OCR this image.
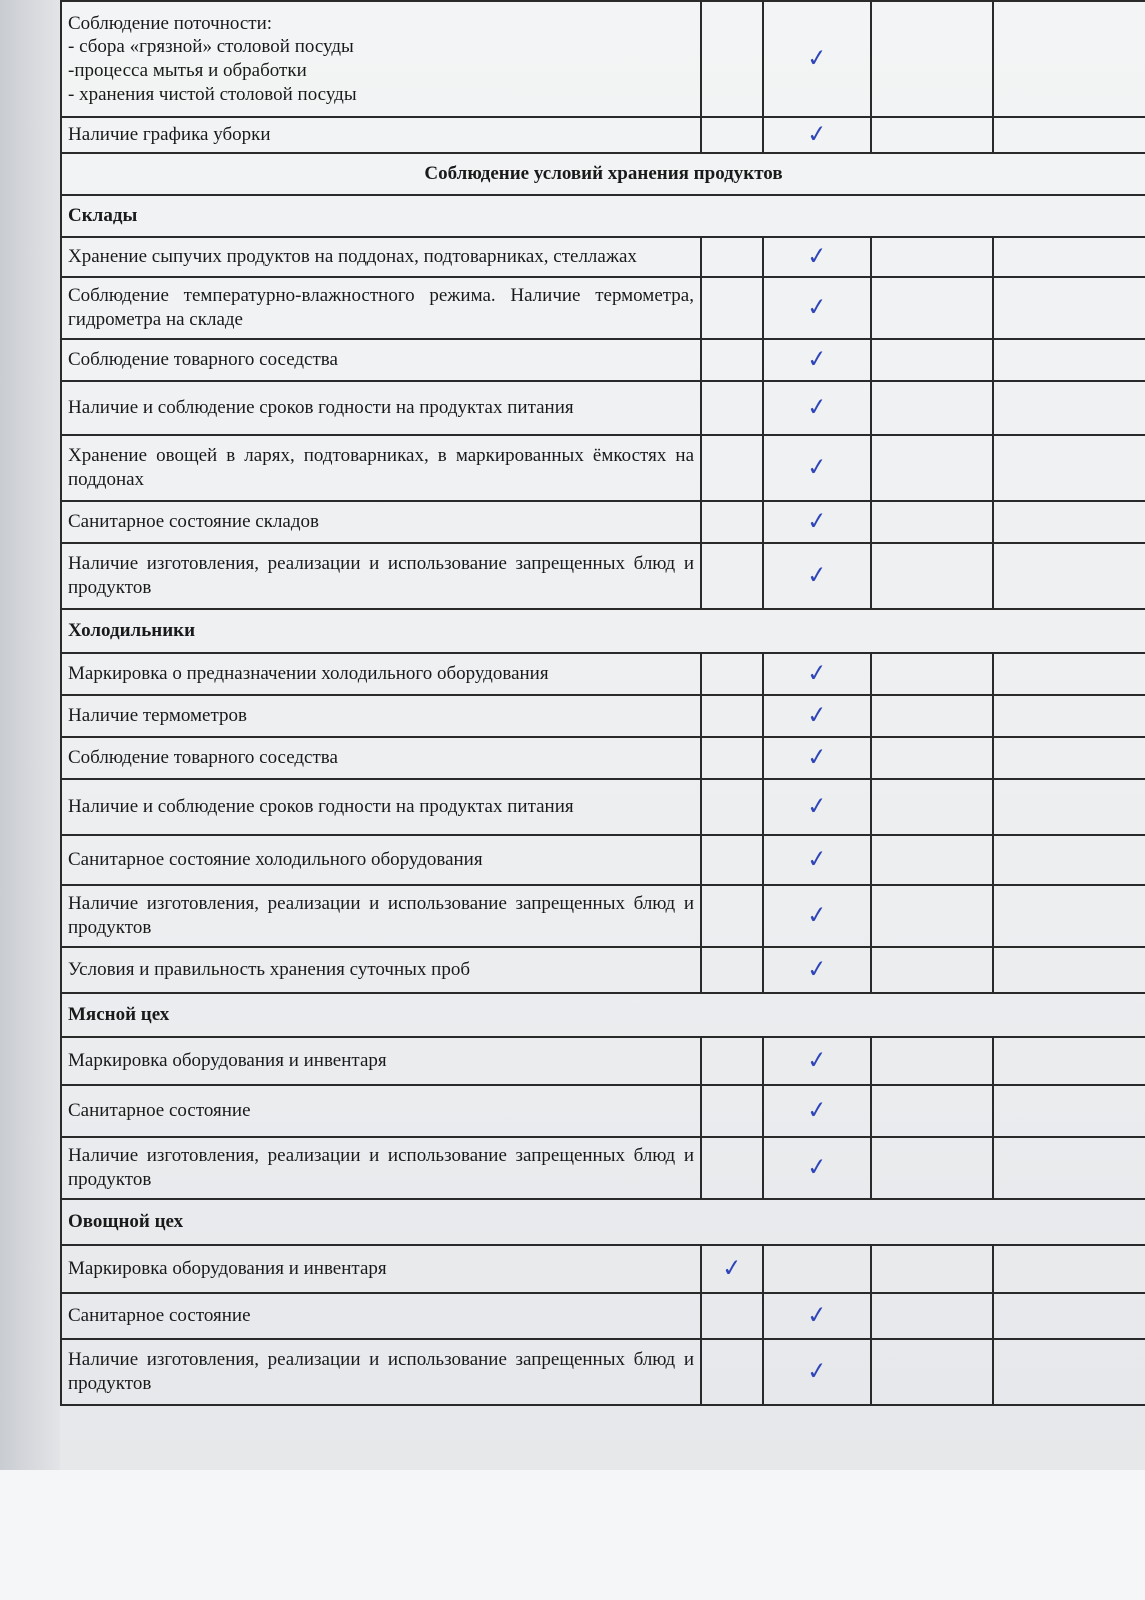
Соблюдение поточности:
- сбора «грязной» столовой посуды
-процесса мытья и обработки
- хранения чистой столовой посуды		✓		
Наличие графика уборки		✓		
Соблюдение условий хранения продуктов				
Склады				
Хранение сыпучих продуктов на поддонах, подтоварниках, стеллажах		✓		
Соблюдение температурно-влажностного режима. Наличие термометра, гидрометра на складе		✓		
Соблюдение товарного соседства		✓		
Наличие и соблюдение сроков годности на продуктах питания		✓		
Хранение овощей в ларях, подтоварниках, в маркированных ёмкостях на поддонах		✓		
Санитарное состояние складов		✓		
Наличие изготовления, реализации и использование запрещенных блюд и продуктов		✓		
Холодильники				
Маркировка о предназначении холодильного оборудования		✓		
Наличие термометров		✓		
Соблюдение товарного соседства		✓		
Наличие и соблюдение сроков годности на продуктах питания		✓		
Санитарное состояние холодильного оборудования		✓		
Наличие изготовления, реализации и использование запрещенных блюд и продуктов		✓		
Условия и правильность хранения суточных проб		✓		
Мясной цех				
Маркировка оборудования и инвентаря		✓		
Санитарное состояние		✓		
Наличие изготовления, реализации и использование запрещенных блюд и продуктов		✓		
Овощной цех				
Маркировка оборудования и инвентаря	✓			
Санитарное состояние		✓		
Наличие изготовления, реализации и использование запрещенных блюд и продуктов		✓		
